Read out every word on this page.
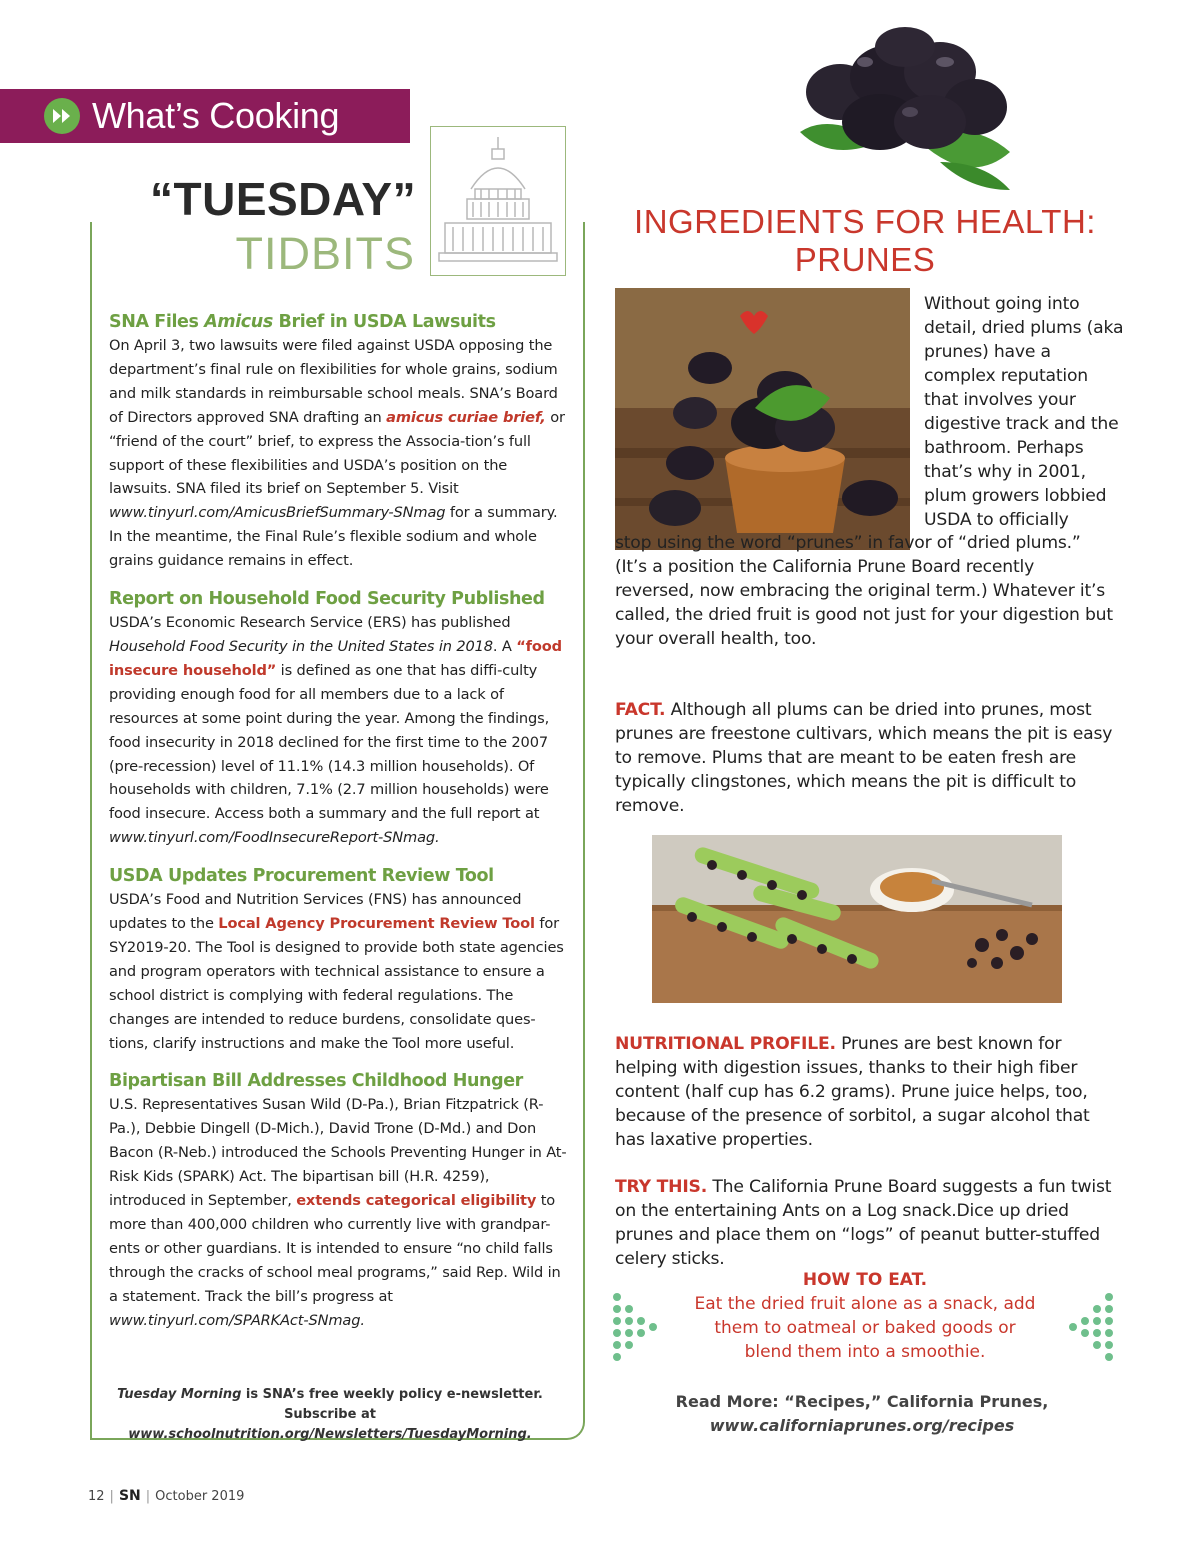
What’s Cooking
“TUESDAY”
TIDBITS
SNA Files Amicus Brief in USDA Lawsuits

On April 3, two lawsuits were filed against USDA opposing the department’s final rule on flexibilities for whole grains, sodium and milk standards in reimbursable school meals. SNA’s Board of Directors approved SNA drafting an amicus curiae brief, or “friend of the court” brief, to express the Associa-tion’s full support of these flexibilities and USDA’s position on the lawsuits. SNA filed its brief on September 5. Visit www.tinyurl.com/AmicusBriefSummary-SNmag for a summary. In the meantime, the Final Rule’s flexible sodium and whole grains guidance remains in effect.

Report on Household Food Security Published

USDA’s Economic Research Service (ERS) has published Household Food Security in the United States in 2018. A “food insecure household” is defined as one that has diffi-culty providing enough food for all members due to a lack of resources at some point during the year. Among the findings, food insecurity in 2018 declined for the first time to the 2007 (pre-recession) level of 11.1% (14.3 million households). Of households with children, 7.1% (2.7 million households) were food insecure. Access both a summary and the full report at www.tinyurl.com/FoodInsecureReport-SNmag.

USDA Updates Procurement Review Tool

USDA’s Food and Nutrition Services (FNS) has announced updates to the Local Agency Procurement Review Tool for SY2019-20. The Tool is designed to provide both state agencies and program operators with technical assistance to ensure a school district is complying with federal regulations. The changes are intended to reduce burdens, consolidate ques-tions, clarify instructions and make the Tool more useful.

Bipartisan Bill Addresses Childhood Hunger

U.S. Representatives Susan Wild (D-Pa.), Brian Fitzpatrick (R-Pa.), Debbie Dingell (D-Mich.), David Trone (D-Md.) and Don Bacon (R-Neb.) introduced the Schools Preventing Hunger in At-Risk Kids (SPARK) Act. The bipartisan bill (H.R. 4259), introduced in September, extends categorical eligibility to more than 400,000 children who currently live with grandpar-ents or other guardians. It is intended to ensure “no child falls through the cracks of school meal programs,” said Rep. Wild in a statement. Track the bill’s progress at www.tinyurl.com/SPARKAct-SNmag.

Tuesday Morning is SNA’s free weekly policy e-newsletter. Subscribe at www.schoolnutrition.org/Newsletters/TuesdayMorning.
INGREDIENTS FOR HEALTH:
PRUNES
Without going into detail, dried plums (aka prunes) have a complex reputation that involves your digestive track and the bathroom. Perhaps that’s why in 2001, plum growers lobbied USDA to officially
stop using the word “prunes” in favor of “dried plums.” (It’s a position the California Prune Board recently reversed, now embracing the original term.) Whatever it’s called, the dried fruit is good not just for your digestion but your overall health, too.
FACT. Although all plums can be dried into prunes, most prunes are freestone cultivars, which means the pit is easy to remove. Plums that are meant to be eaten fresh are typically clingstones, which means the pit is difficult to remove.
NUTRITIONAL PROFILE. Prunes are best known for helping with digestion issues, thanks to their high fiber content (half cup has 6.2 grams). Prune juice helps, too, because of the presence of sorbitol, a sugar alcohol that has laxative properties.
TRY THIS. The California Prune Board suggests a fun twist on the entertaining Ants on a Log snack.Dice up dried prunes and place them on “logs” of peanut butter-stuffed celery sticks.
HOW TO EAT.
Eat the dried fruit alone as a snack, add them to oatmeal or baked goods or blend them into a smoothie.
Read More: “Recipes,” California Prunes,
www.californiaprunes.org/recipes
12 | SN | October 2019
